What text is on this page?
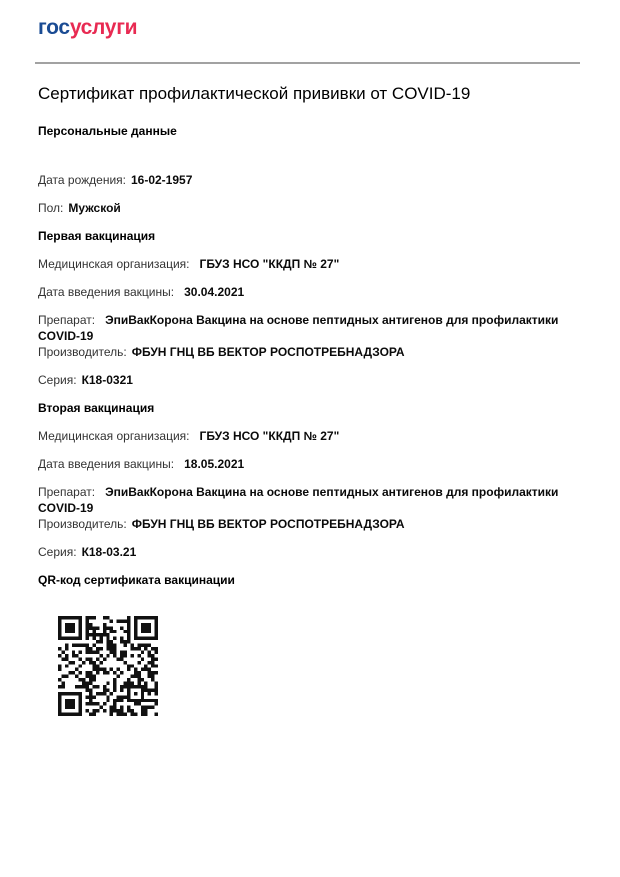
госуслуги
Сертификат профилактической прививки от COVID-19
Персональные данные

Дата рождения: 16-02-1957

Пол: Мужской

Первая вакцинация

Медицинская организация: ГБУЗ НСО "ККДП № 27"

Дата введения вакцины: 30.04.2021

Препарат: ЭпиВакКорона Вакцина на основе пептидных антигенов для профилактики COVID-19

Производитель: ФБУН ГНЦ ВБ ВЕКТОР РОСПОТРЕБНАДЗОРА

Серия: К18-0321

Вторая вакцинация

Медицинская организация: ГБУЗ НСО "ККДП № 27"

Дата введения вакцины: 18.05.2021

Препарат: ЭпиВакКорона Вакцина на основе пептидных антигенов для профилактики COVID-19

Производитель: ФБУН ГНЦ ВБ ВЕКТОР РОСПОТРЕБНАДЗОРА

Серия: К18-03.21

QR-код сертификата вакцинации
